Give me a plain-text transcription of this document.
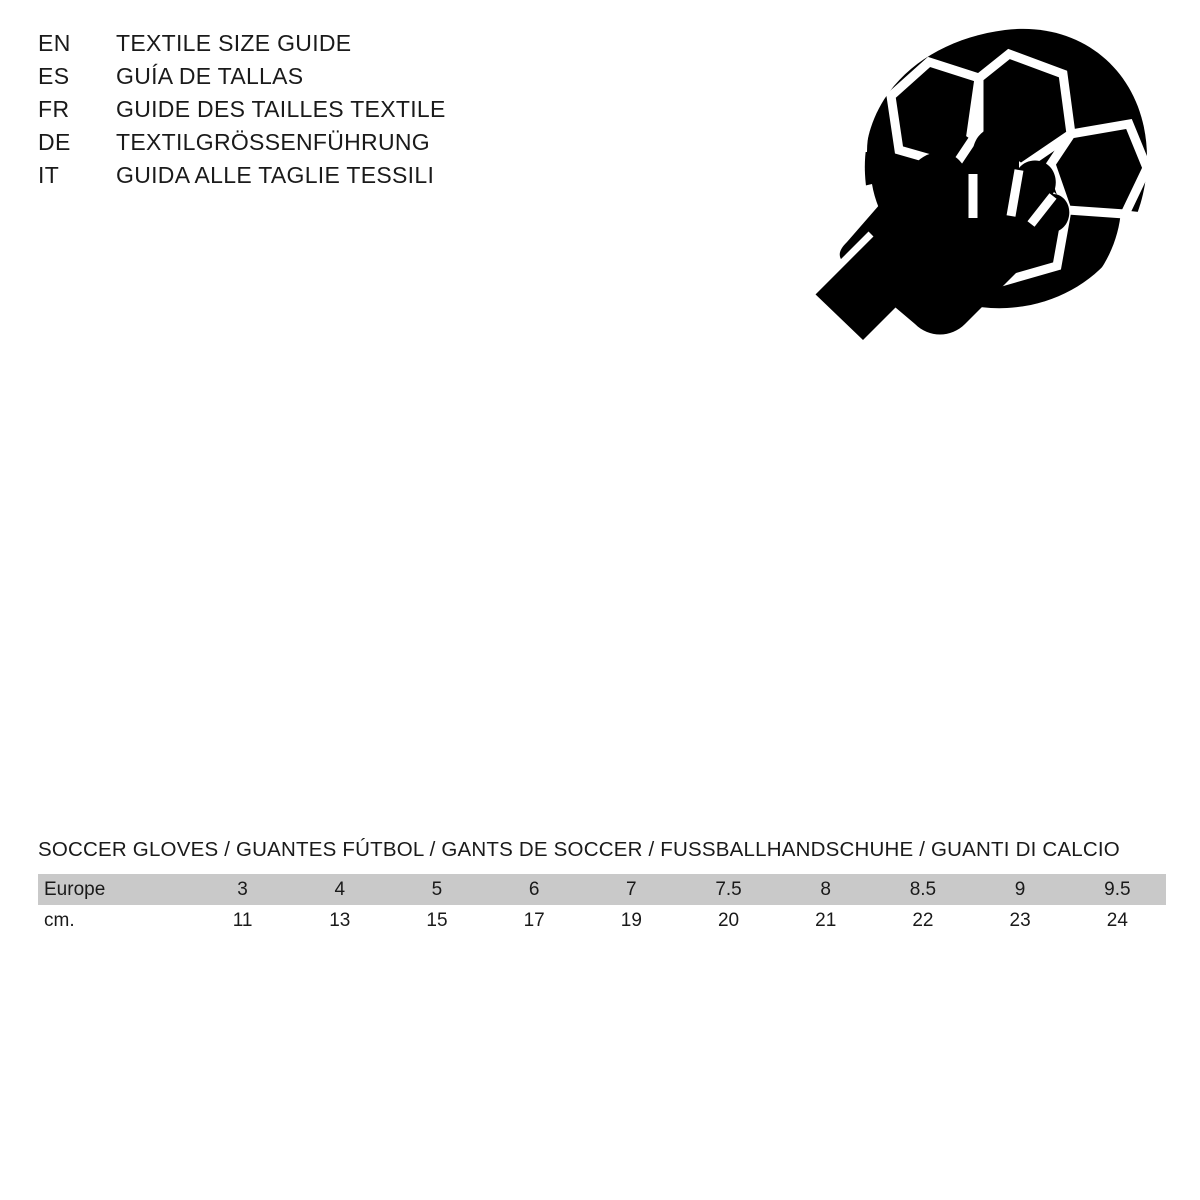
EN	TEXTILE SIZE GUIDE
ES	GUÍA DE TALLAS
FR	GUIDE DES TAILLES TEXTILE
DE	TEXTILGRÖSSENFÜHRUNG
IT	GUIDA ALLE TAGLIE TESSILI
SOCCER GLOVES / GUANTES FÚTBOL / GANTS DE SOCCER / FUSSBALLHANDSCHUHE / GUANTI DI CALCIO
Europe	3	4	5	6	7	7.5	8	8.5	9	9.5
cm.	11	13	15	17	19	20	21	22	23	24
